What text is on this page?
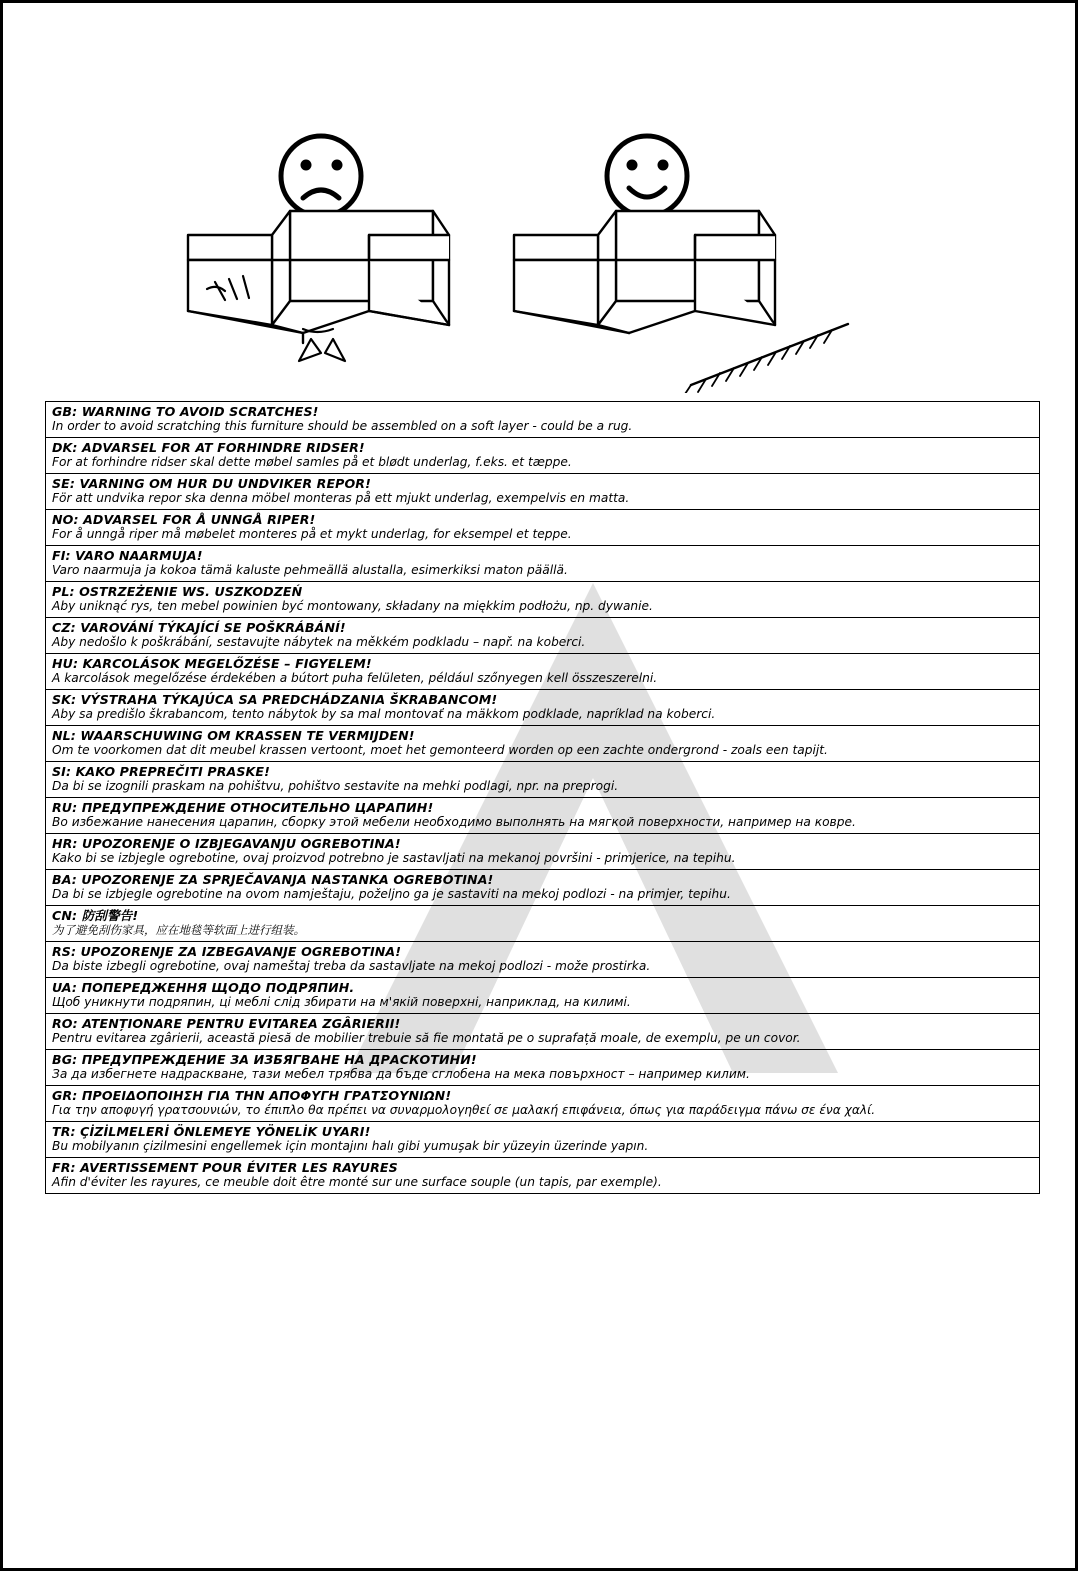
GB: WARNING TO AVOID SCRATCHES!
In order to avoid scratching this furniture should be assembled on a soft layer - could be a rug.
DK: ADVARSEL FOR AT FORHINDRE RIDSER!
For at forhindre ridser skal dette møbel samles på et blødt underlag, f.eks. et tæppe.
SE: VARNING OM HUR DU UNDVIKER REPOR!
För att undvika repor ska denna möbel monteras på ett mjukt underlag, exempelvis en matta.
NO: ADVARSEL FOR Å UNNGÅ RIPER!
For å unngå riper må møbelet monteres på et mykt underlag, for eksempel et teppe.
FI: VARO NAARMUJA!
Varo naarmuja ja kokoa tämä kaluste pehmeällä alustalla, esimerkiksi maton päällä.
PL: OSTRZEŻENIE WS. USZKODZEŃ
Aby uniknąć rys, ten mebel powinien być montowany, składany na miękkim podłożu, np. dywanie.
CZ: VAROVÁNÍ TÝKAJÍCÍ SE POŠKRÁBÁNÍ!
Aby nedošlo k poškrábání, sestavujte nábytek na měkkém podkladu – např. na koberci.
HU: KARCOLÁSOK MEGELŐZÉSE – FIGYELEM!
A karcolások megelőzése érdekében a bútort puha felületen, például szőnyegen kell összeszerelni.
SK: VÝSTRAHA TÝKAJÚCA SA PREDCHÁDZANIA ŠKRABANCOM!
Aby sa predišlo škrabancom, tento nábytok by sa mal montovať na mäkkom podklade, napríklad na koberci.
NL: WAARSCHUWING OM KRASSEN TE VERMIJDEN!
Om te voorkomen dat dit meubel krassen vertoont, moet het gemonteerd worden op een zachte ondergrond - zoals een tapijt.
SI: KAKO PREPREČITI PRASKE!
Da bi se izognili praskam na pohištvu, pohištvo sestavite na mehki podlagi, npr. na preprogi.
RU: ПРЕДУПРЕЖДЕНИЕ ОТНОСИТЕЛЬНО ЦАРАПИН!
Во избежание нанесения царапин, сборку этой мебели необходимо выполнять на мягкой поверхности, например на ковре.
HR: UPOZORENJE O IZBJEGAVANJU OGREBOTINA!
Kako bi se izbjegle ogrebotine, ovaj proizvod potrebno je sastavljati na mekanoj površini - primjerice, na tepihu.
BA: UPOZORENJE ZA SPRJEČAVANJA NASTANKA OGREBOTINA!
Da bi se izbjegle ogrebotine na ovom namještaju, poželjno ga je sastaviti na mekoj podlozi - na primjer, tepihu.
CN: 防刮警告!
为了避免刮伤家具，应在地毯等软面上进行组装。
RS: UPOZORENJE ZA IZBEGAVANJE OGREBOTINA!
Da biste izbegli ogrebotine, ovaj nameštaj treba da sastavljate na mekoj podlozi - može prostirka.
UA: ПОПЕРЕДЖЕННЯ ЩОДО ПОДРЯПИН.
Щоб уникнути подряпин, ці меблі слід збирати на м'якій поверхні, наприклад, на килимі.
RO: ATENȚIONARE PENTRU EVITAREA ZGÂRIERII!
Pentru evitarea zgârierii, această piesă de mobilier trebuie să fie montată pe o suprafață moale, de exemplu, pe un covor.
BG: ПРЕДУПРЕЖДЕНИЕ ЗА ИЗБЯГВАНЕ НА ДРАСКОТИНИ!
За да избегнете надраскване, тази мебел трябва да бъде сглобена на мека повърхност – например килим.
GR: ΠΡΟΕΙΔΟΠΟΙΗΣΗ ΓΙΑ ΤΗΝ ΑΠΟΦΥΓΗ ΓΡΑΤΣΟΥΝΙΩΝ!
Για την αποφυγή γρατσουνιών, το έπιπλο θα πρέπει να συναρμολογηθεί σε μαλακή επιφάνεια, όπως για παράδειγμα πάνω σε ένα χαλί.
TR: ÇİZİLMELERİ ÖNLEMEYE YÖNELİK UYARI!
Bu mobilyanın çizilmesini engellemek için montajını halı gibi yumuşak bir yüzeyin üzerinde yapın.
FR: AVERTISSEMENT POUR ÉVITER LES RAYURES
Afin d'éviter les rayures, ce meuble doit être monté sur une surface souple (un tapis, par exemple).
